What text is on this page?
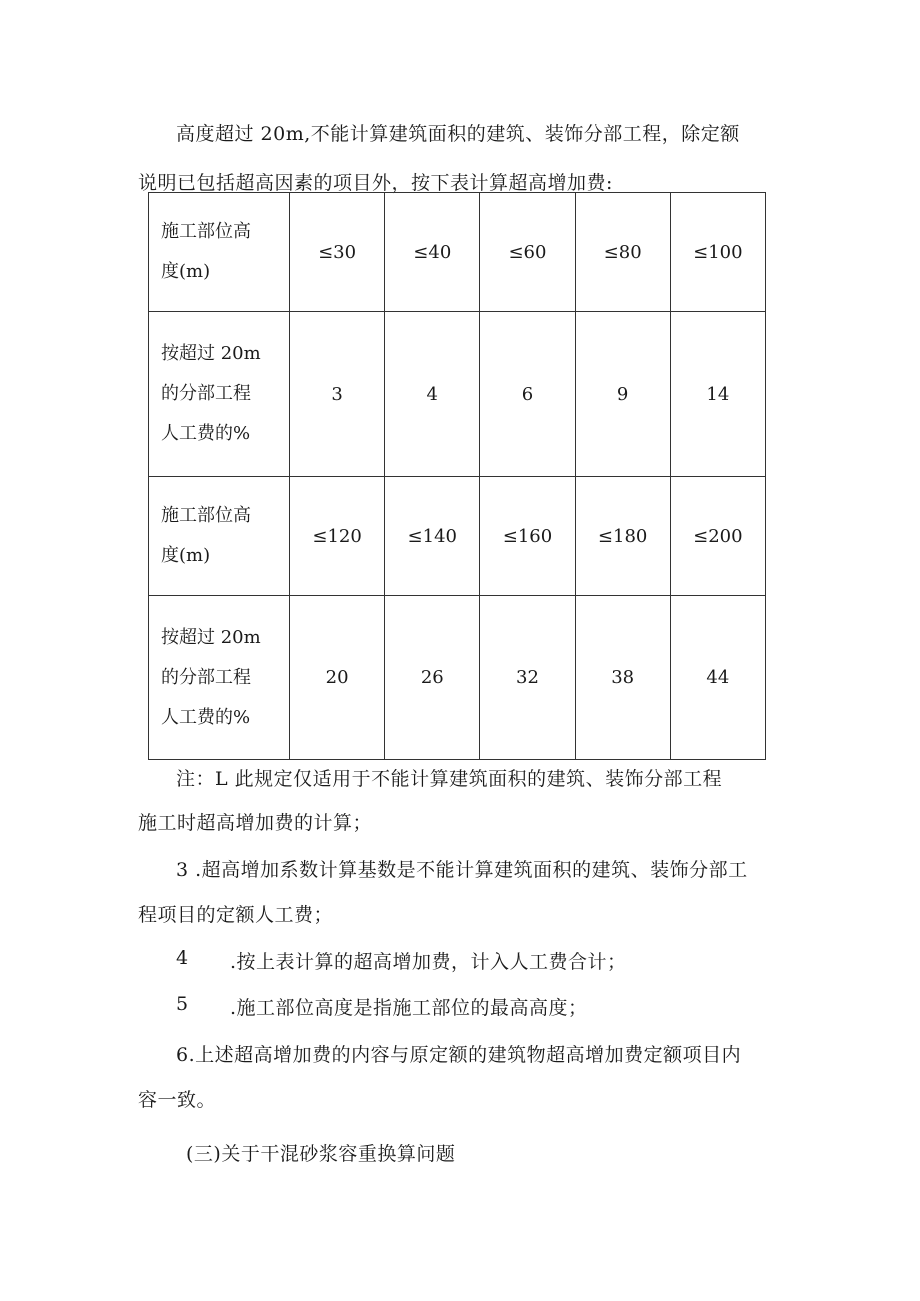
高度超过 20m,不能计算建筑面积的建筑、装饰分部工程，除定额
说明已包括超高因素的项目外，按下表计算超高增加费:
施工部位高
度(m)	≤30	≤40	≤60	≤80	≤100

按超过 20m
的分部工程
人工费的%	3	4	6	9	14

施工部位高
度(m)	≤120	≤140	≤160	≤180	≤200

按超过 20m
的分部工程
人工费的%	20	26	32	38	44
注：L 此规定仅适用于不能计算建筑面积的建筑、装饰分部工程
施工时超高增加费的计算；
3 .超高增加系数计算基数是不能计算建筑面积的建筑、装饰分部工
程项目的定额人工费；
4 .按上表计算的超高增加费，计入人工费合计；
5 .施工部位高度是指施工部位的最高高度；
6.上述超高增加费的内容与原定额的建筑物超高增加费定额项目内
容一致。
(三)关于干混砂浆容重换算问题
